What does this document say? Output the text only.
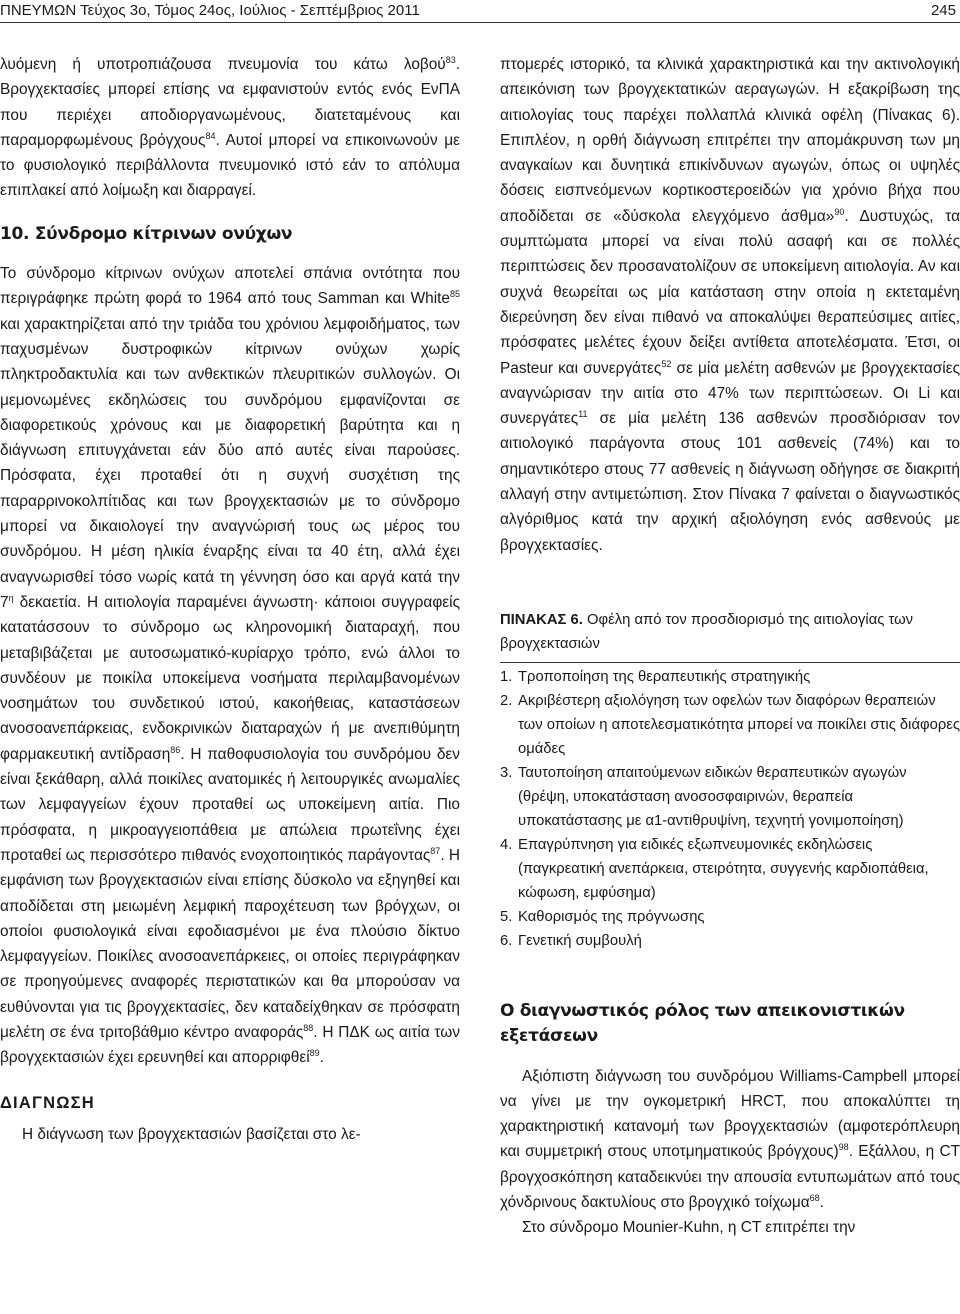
ΠΝΕΥΜΩΝ Τεύχος 3ο, Τόμος 24ος, Ιούλιος - Σεπτέμβριος 2011	245

λυόμενη ή υποτροπιάζουσα πνευμονία του κάτω λοβού$^{83}$. Βρογχεκτασίες μπορεί επίσης να εμφανιστούν εντός ενός ΕνΠΑ που περιέχει αποδιοργανωμένους, διατεταμένους και παραμορφωμένους βρόγχους$^{84}$. Αυτοί μπορεί να επικοινωνούν με το φυσιολογικό περιβάλλοντα πνευμονικό ιστό εάν το απόλυμα επιπλακεί από λοίμωξη και διαρραγεί.

10. Σύνδρομο κίτρινων ονύχων

Το σύνδρομο κίτρινων ονύχων αποτελεί σπάνια οντότητα που περιγράφηκε πρώτη φορά το 1964 από τους Samman και White$^{85}$ και χαρακτηρίζεται από την τριάδα του χρόνιου λεμφοιδήματος, των παχυσμένων δυστροφικών κίτρινων ονύχων χωρίς πληκτροδακτυλία και των ανθεκτικών πλευριτικών συλλογών. Οι μεμονωμένες εκδηλώσεις του συνδρόμου εμφανίζονται σε διαφορετικούς χρόνους και με διαφορετική βαρύτητα και η διάγνωση επιτυγχάνεται εάν δύο από αυτές είναι παρούσες. Πρόσφατα, έχει προταθεί ότι η συχνή συσχέτιση της παραρρινοκολπίτιδας και των βρογχεκτασιών με το σύνδρομο μπορεί να δικαιολογεί την αναγνώρισή τους ως μέρος του συνδρόμου. Η μέση ηλικία έναρξης είναι τα 40 έτη, αλλά έχει αναγνωρισθεί τόσο νωρίς κατά τη γέννηση όσο και αργά κατά την $7^\eta$ δεκαετία. Η αιτιολογία παραμένει άγνωστη· κάποιοι συγγραφείς κατατάσσουν το σύνδρομο ως κληρονομική διαταραχή, που μεταβιβάζεται με αυτοσωματικό-κυρίαρχο τρόπο, ενώ άλλοι το συνδέουν με ποικίλα υποκείμενα νοσήματα περιλαμβανομένων νοσημάτων του συνδετικού ιστού, κακοήθειας, καταστάσεων ανοσοανεπάρκειας, ενδοκρινικών διαταραχών ή με ανεπιθύμητη φαρμακευτική αντίδραση$^{86}$. Η παθοφυσιολογία του συνδρόμου δεν είναι ξεκάθαρη, αλλά ποικίλες ανατομικές ή λειτουργικές ανωμαλίες των λεμφαγγείων έχουν προταθεί ως υποκείμενη αιτία. Πιο πρόσφατα, η μικροαγγειοπάθεια με απώλεια πρωτεΐνης έχει προταθεί ως περισσότερο πιθανός ενοχοποιητικός παράγοντας$^{87}$. Η εμφάνιση των βρογχεκτασιών είναι επίσης δύσκολο να εξηγηθεί και αποδίδεται στη μειωμένη λεμφική παροχέτευση των βρόγχων, οι οποίοι φυσιολογικά είναι εφοδιασμένοι με ένα πλούσιο δίκτυο λεμφαγγείων. Ποικίλες ανοσοανεπάρκειες, οι οποίες περιγράφηκαν σε προηγούμενες αναφορές περιστατικών και θα μπορούσαν να ευθύνονται για τις βρογχεκτασίες, δεν καταδείχθηκαν σε πρόσφατη μελέτη σε ένα τριτοβάθμιο κέντρο αναφοράς$^{88}$. Η ΠΔΚ ως αιτία των βρογχεκτασιών έχει ερευνηθεί και απορριφθεί$^{89}$.

ΔΙΑΓΝΩΣΗ

Η διάγνωση των βρογχεκτασιών βασίζεται στο λε-

πτομερές ιστορικό, τα κλινικά χαρακτηριστικά και την ακτινολογική απεικόνιση των βρογχεκτατικών αεραγωγών. Η εξακρίβωση της αιτιολογίας τους παρέχει πολλαπλά κλινικά οφέλη (Πίνακας 6). Επιπλέον, η ορθή διάγνωση επιτρέπει την απομάκρυνση των μη αναγκαίων και δυνητικά επικίνδυνων αγωγών, όπως οι υψηλές δόσεις εισπνεόμενων κορτικοστεροειδών για χρόνιο βήχα που αποδίδεται σε «δύσκολα ελεγχόμενο άσθμα»$^{90}$. Δυστυχώς, τα συμπτώματα μπορεί να είναι πολύ ασαφή και σε πολλές περιπτώσεις δεν προσανατολίζουν σε υποκείμενη αιτιολογία. Αν και συχνά θεωρείται ως μία κατάσταση στην οποία η εκτεταμένη διερεύνηση δεν είναι πιθανό να αποκαλύψει θεραπεύσιμες αιτίες, πρόσφατες μελέτες έχουν δείξει αντίθετα αποτελέσματα. Έτσι, οι Pasteur και συνεργάτες$^{52}$ σε μία μελέτη ασθενών με βρογχεκτασίες αναγνώρισαν την αιτία στο 47% των περιπτώσεων. Οι Li και συνεργάτες$^{11}$ σε μία μελέτη 136 ασθενών προσδιόρισαν τον αιτιολογικό παράγοντα στους 101 ασθενείς (74%) και το σημαντικότερο στους 77 ασθενείς η διάγνωση οδήγησε σε διακριτή αλλαγή στην αντιμετώπιση. Στον Πίνακα 7 φαίνεται ο διαγνωστικός αλγόριθμος κατά την αρχική αξιολόγηση ενός ασθενούς με βρογχεκτασίες.

ΠΙΝΑΚΑΣ 6. Οφέλη από τον προσδιορισμό της αιτιολογίας των βρογχεκτασιών

1. Τροποποίηση της θεραπευτικής στρατηγικής
2. Ακριβέστερη αξιολόγηση των οφελών των διαφόρων θεραπειών των οποίων η αποτελεσματικότητα μπορεί να ποικίλει στις διάφορες ομάδες
3. Ταυτοποίηση απαιτούμενων ειδικών θεραπευτικών αγωγών (θρέψη, υποκατάσταση ανοσοσφαιρινών, θεραπεία υποκατάστασης με α1-αντιθρυψίνη, τεχνητή γονιμοποίηση)
4. Επαγρύπνηση για ειδικές εξωπνευμονικές εκδηλώσεις (παγκρεατική ανεπάρκεια, στειρότητα, συγγενής καρδιοπάθεια, κώφωση, εμφύσημα)
5. Καθορισμός της πρόγνωσης
6. Γενετική συμβουλή
Ο διαγνωστικός ρόλος των απεικονιστικών εξετάσεων

Αξιόπιστη διάγνωση του συνδρόμου Williams-Campbell μπορεί να γίνει με την ογκομετρική HRCT, που αποκαλύπτει τη χαρακτηριστική κατανομή των βρογχεκτασιών (αμφοτερόπλευρη και συμμετρική στους υποτμηματικούς βρόγχους)$^{98}$. Εξάλλου, η CT βρογχοσκόπηση καταδεικνύει την απουσία εντυπωμάτων από τους χόνδρινους δακτυλίους στο βρογχικό τοίχωμα$^{68}$.

Στο σύνδρομο Mounier-Kuhn, η CT επιτρέπει την
